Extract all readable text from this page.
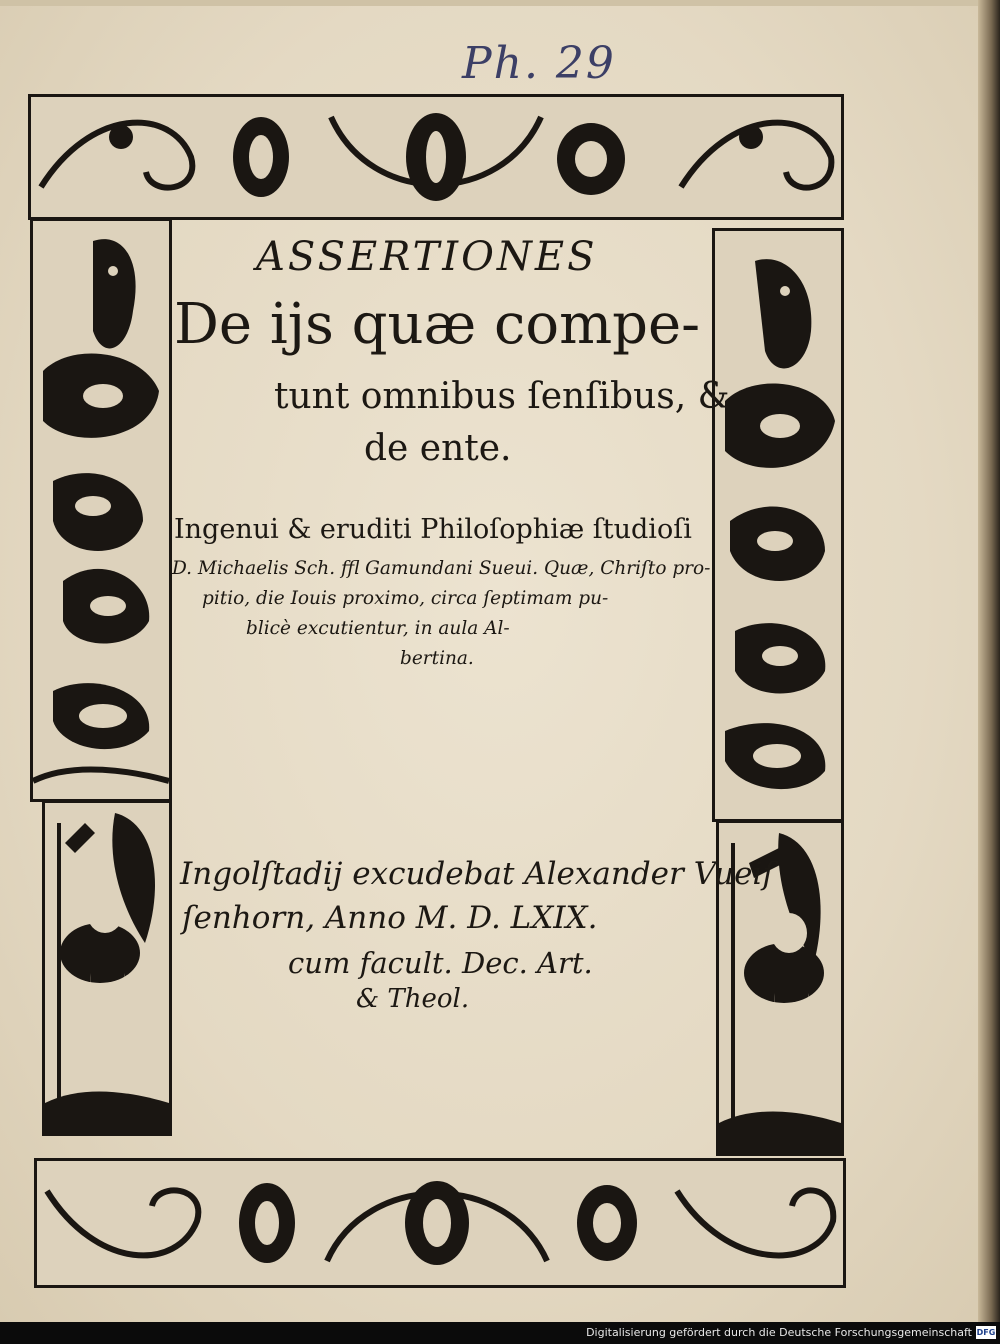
Ph. 29
ASSERTIONES
De ijs quæ compe-
tunt omnibus ſenſibus, &
de ente.
Ingenui & eruditi Philoſophiæ ſtudioſi
D. Michaelis Sch. ffl Gamundani Sueui. Quæ, Chriſto pro-
pitio, die Iouis proximo, circa ſeptimam pu-
blicè excutientur, in aula Al-
bertina.
Ingolſtadij excudebat Alexander Vueiſ
ſenhorn, Anno M. D. LXIX.
cum facult. Dec. Art.
& Theol.
Digitalisierung gefördert durch die Deutsche Forschungsgemeinschaft DFG
